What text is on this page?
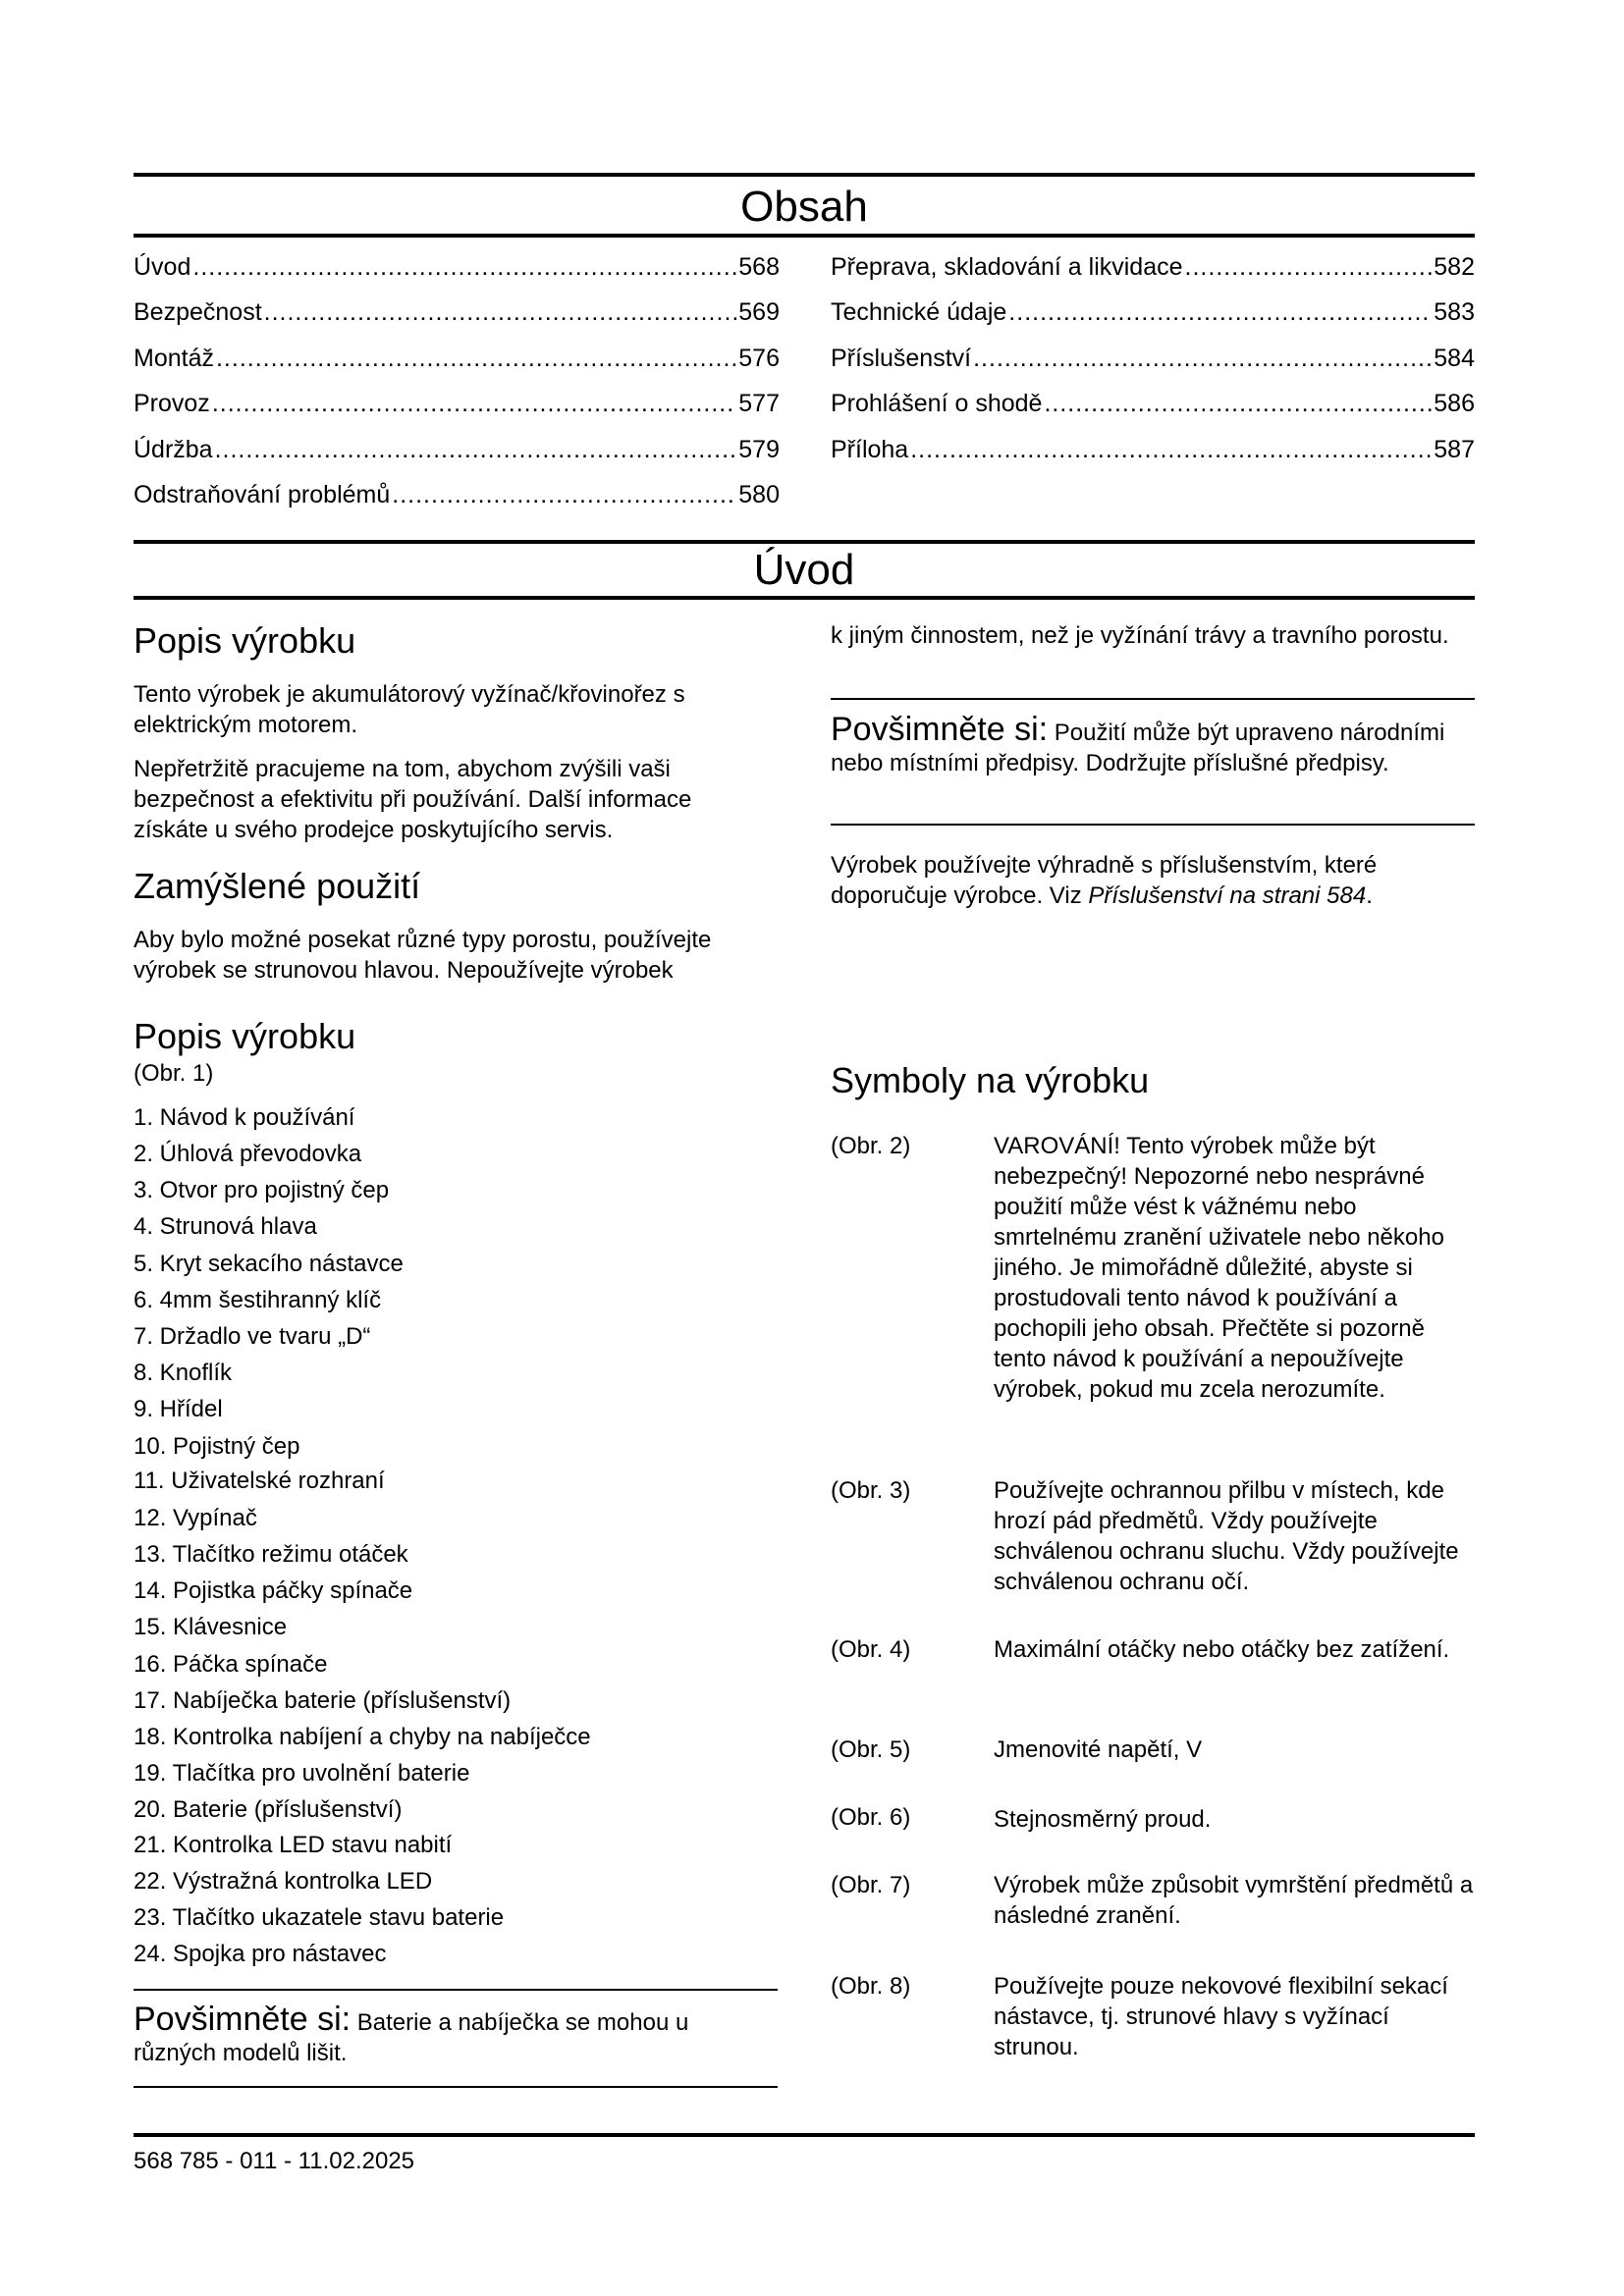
Obsah
Úvod .....	568
Bezpečnost .....	569
Montáž .....	576
Provoz .....	577
Údržba .....	579
Odstraňování problémů .....	580
Přeprava, skladování a likvidace .....	582
Technické údaje .....	583
Příslušenství .....	584
Prohlášení o shodě .....	586
Příloha .....	587
Úvod
Popis výrobku
Tento výrobek je akumulátorový vyžínač/křovinořez s elektrickým motorem.
Nepřetržitě pracujeme na tom, abychom zvýšili vaši bezpečnost a efektivitu při používání. Další informace získáte u svého prodejce poskytujícího servis.
Zamýšlené použití
Aby bylo možné posekat různé typy porostu, používejte výrobek se strunovou hlavou. Nepoužívejte výrobek
Popis výrobku
(Obr. 1)
1. Návod k používání
2. Úhlová převodovka
3. Otvor pro pojistný čep
4. Strunová hlava
5. Kryt sekacího nástavce
6. 4mm šestihranný klíč
7. Držadlo ve tvaru „D“
8. Knoflík
9. Hřídel
10. Pojistný čep
11. Uživatelské rozhraní
12. Vypínač
13. Tlačítko režimu otáček
14. Pojistka páčky spínače
15. Klávesnice
16. Páčka spínače
17. Nabíječka baterie (příslušenství)
18. Kontrolka nabíjení a chyby na nabíječce
19. Tlačítka pro uvolnění baterie
20. Baterie (příslušenství)
21. Kontrolka LED stavu nabití
22. Výstražná kontrolka LED
23. Tlačítko ukazatele stavu baterie
24. Spojka pro nástavec
Povšimněte si: Baterie a nabíječka se mohou u různých modelů lišit.
k jiným činnostem, než je vyžínání trávy a travního porostu.
Povšimněte si: Použití může být upraveno národními nebo místními předpisy. Dodržujte příslušné předpisy.
Výrobek používejte výhradně s příslušenstvím, které doporučuje výrobce. Viz Příslušenství na strani 584.
Symboly na výrobku
(Obr. 2)	VAROVÁNÍ! Tento výrobek může být nebezpečný! Nepozorné nebo nesprávné použití může vést k vážnému nebo smrtelnému zranění uživatele nebo někoho jiného. Je mimořádně důležité, abyste si prostudovali tento návod k používání a pochopili jeho obsah. Přečtěte si pozorně tento návod k používání a nepoužívejte výrobek, pokud mu zcela nerozumíte.
(Obr. 3)	Používejte ochrannou přilbu v místech, kde hrozí pád předmětů. Vždy používejte schválenou ochranu sluchu. Vždy používejte schválenou ochranu očí.
(Obr. 4)	Maximální otáčky nebo otáčky bez zatížení.
(Obr. 5)	Jmenovité napětí, V
(Obr. 6)	Stejnosměrný proud.
(Obr. 7)	Výrobek může způsobit vymrštění předmětů a následné zranění.
(Obr. 8)	Používejte pouze nekovové flexibilní sekací nástavce, tj. strunové hlavy s vyžínací strunou.
568 785 - 011 - 11.02.2025
